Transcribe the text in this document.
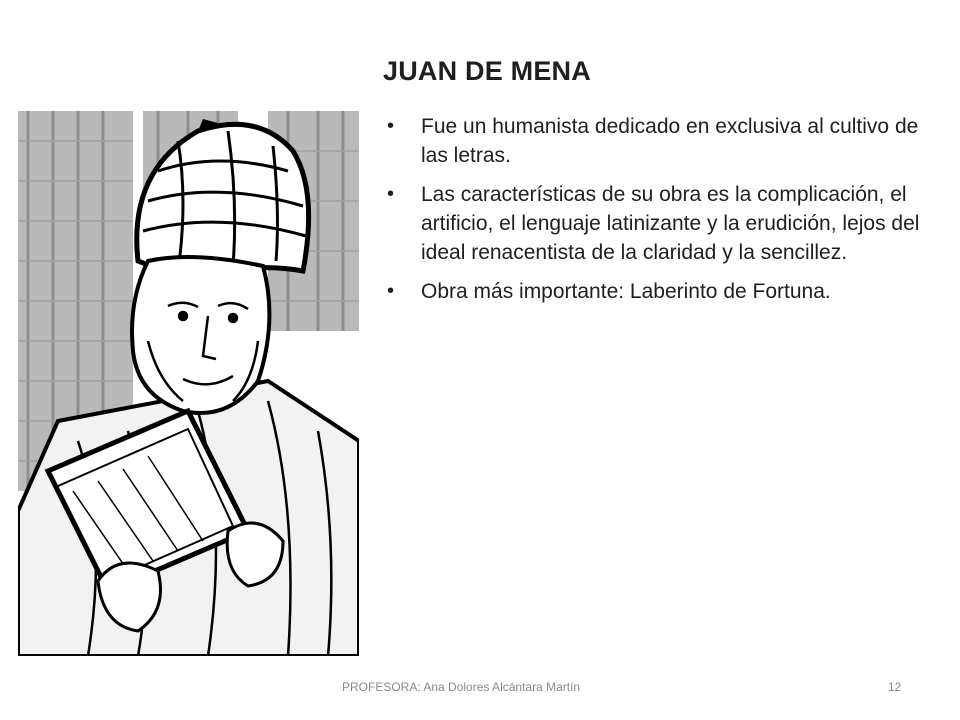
JUAN DE MENA
• Fue un humanista dedicado en exclusiva al cultivo de las letras.
• Las características de su obra es la complicación, el artificio, el lenguaje latinizante y la erudición, lejos del ideal renacentista de la claridad y la sencillez.
• Obra más importante: Laberinto de Fortuna.
PROFESORA: Ana Dolores Alcántara Martín	12
